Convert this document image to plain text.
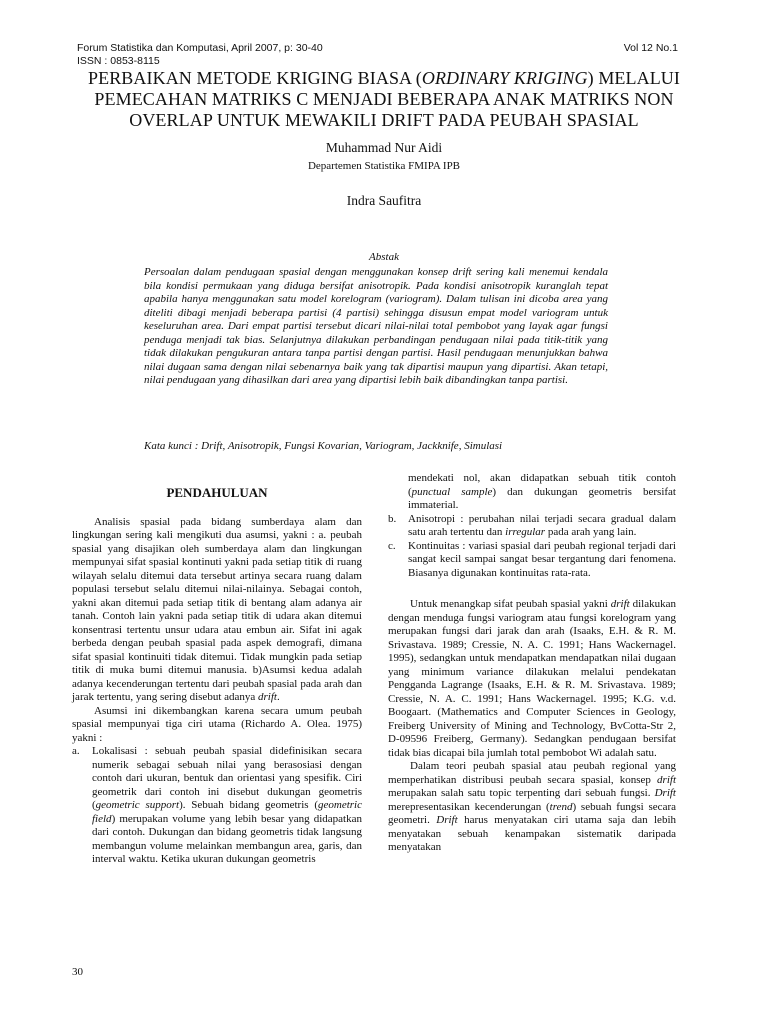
Forum Statistika dan Komputasi, April 2007, p: 30-40	Vol 12 No.1
ISSN : 0853-8115
PERBAIKAN METODE KRIGING BIASA (ORDINARY KRIGING) MELALUI
PEMECAHAN MATRIKS C MENJADI BEBERAPA ANAK MATRIKS NON
OVERLAP UNTUK MEWAKILI DRIFT PADA PEUBAH SPASIAL
Muhammad Nur Aidi
Departemen Statistika FMIPA IPB
Indra Saufitra
Abstak

Persoalan dalam pendugaan spasial dengan menggunakan konsep drift sering kali menemui kendala bila kondisi permukaan yang diduga bersifat anisotropik. Pada kondisi anisotropik kuranglah tepat apabila hanya menggunakan satu model korelogram (variogram). Dalam tulisan ini dicoba area yang diteliti dibagi menjadi beberapa partisi (4 partisi) sehingga disusun empat model variogram untuk keseluruhan area. Dari empat partisi tersebut dicari nilai-nilai total pembobot yang layak agar fungsi penduga menjadi tak bias. Selanjutnya dilakukan perbandingan pendugaan nilai pada titik-titik yang tidak dilakukan pengukuran antara tanpa partisi dengan partisi. Hasil pendugaan menunjukkan bahwa nilai dugaan sama dengan nilai sebenarnya baik yang tak dipartisi maupun yang dipartisi. Akan tetapi, nilai pendugaan yang dihasilkan dari area yang dipartisi lebih baik dibandingkan tanpa partisi.

Kata kunci : Drift, Anisotropik, Fungsi Kovarian, Variogram, Jackknife, Simulasi

PENDAHULUAN

Analisis spasial pada bidang sumberdaya alam dan lingkungan sering kali mengikuti dua asumsi, yakni : a. peubah spasial yang disajikan oleh sumberdaya alam dan lingkungan mempunyai sifat spasial kontinuti yakni pada setiap titik di ruang wilayah selalu ditemui data tersebut artinya secara ruang dalam populasi tersebut selalu ditemui nilai-nilainya. Sebagai contoh, yakni akan ditemui pada setiap titik di bentang alam adanya air tanah. Contoh lain yakni pada setiap titik di udara akan ditemui konsentrasi tertentu unsur udara atau embun air. Sifat ini agak berbeda dengan peubah spasial pada aspek demografi, dimana sifat spasial kontinuiti tidak ditemui. Tidak mungkin pada setiap titik di muka bumi ditemui manusia. b)Asumsi kedua adalah adanya kecenderungan tertentu dari peubah spasial pada arah dan jarak tertentu, yang sering disebut adanya drift.

Asumsi ini dikembangkan karena secara umum peubah spasial mempunyai tiga ciri utama (Richardo A. Olea. 1975) yakni :

a.	Lokalisasi : sebuah peubah spasial didefinisikan secara numerik sebagai sebuah nilai yang berasosiasi dengan contoh dari ukuran, bentuk dan orientasi yang spesifik. Ciri geometrik dari contoh ini disebut dukungan geometris (geometric support). Sebuah bidang geometris (geometric field) merupakan volume yang lebih besar yang didapatkan dari contoh. Dukungan dan bidang geometris tidak langsung membangun volume melainkan membangun area, garis, dan interval waktu. Ketika ukuran dukungan geometris
mendekati nol, akan didapatkan sebuah titik contoh (punctual sample) dan dukungan geometris bersifat immaterial.
b.	Anisotropi : perubahan nilai terjadi secara gradual dalam satu arah tertentu dan irregular pada arah yang lain.
c.	Kontinuitas : variasi spasial dari peubah regional terjadi dari sangat kecil sampai sangat besar tergantung dari fenomena. Biasanya digunakan kontinuitas rata-rata.

Untuk menangkap sifat peubah spasial yakni drift dilakukan dengan menduga fungsi variogram atau fungsi korelogram yang merupakan fungsi dari jarak dan arah (Isaaks, E.H. & R. M. Srivastava. 1989; Cressie, N. A. C. 1991; Hans Wackernagel. 1995), sedangkan untuk mendapatkan mendapatkan nilai dugaan yang minimum variance dilakukan melalui pendekatan Pengganda Lagrange (Isaaks, E.H. & R. M. Srivastava. 1989; Cressie, N. A. C. 1991; Hans Wackernagel. 1995; K.G. v.d. Boogaart. (Mathematics and Computer Sciences in Geology, Freiberg University of Mining and Technology, BvCotta-Str 2, D-09596 Freiberg, Germany). Sedangkan pendugaan bersifat tidak bias dicapai bila jumlah total pembobot Wi adalah satu.

Dalam teori peubah spasial atau peubah regional yang memperhatikan distribusi peubah secara spasial, konsep drift merupakan salah satu topic terpenting dari sebuah fungsi. Drift merepresentasikan kecenderungan (trend) sebuah fungsi secara geometri. Drift harus menyatakan ciri utama saja dan lebih menyatakan sebuah kenampakan sistematik daripada menyatakan

30
